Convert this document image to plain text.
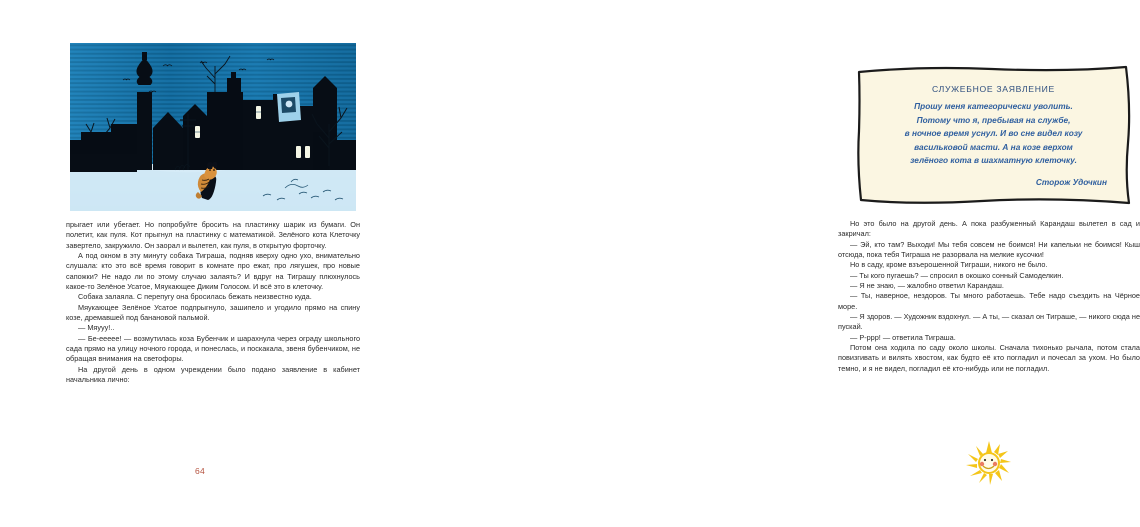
прыгает или убегает. Но попробуйте бросить на пластинку шарик из бумаги. Он полетит, как пуля. Кот прыгнул на пластинку с математикой. Зелёного кота Клеточку завертело, закружило. Он заорал и вылетел, как пуля, в открытую форточку.

А под окном в эту минуту собака Тиграша, подняв кверху одно ухо, внимательно слушала: кто это всё время говорит в комнате про ежат, про лягушек, про новые сапожки? Не надо ли по этому случаю залаять? И вдруг на Тиграшу плюхнулось какое-то Зелёное Усатое, Мяукающее Диким Голосом. И всё это в клеточку.

Собака залаяла. С перепугу она бросилась бежать неизвестно куда.

Мяукающее Зелёное Усатое подпрыгнуло, зашипело и угодило прямо на спину козе, дремавшей под банановой пальмой.

— Мяууу!..

— Бе-еееее! — возмутилась коза Бубенчик и шарахнула через ограду школьного сада прямо на улицу ночного города, и понеслась, и поскакала, звеня бубенчиком, не обращая внимания на светофоры.

На другой день в одном учреждении было подано заявление в кабинет начальника лично:

64
СЛУЖЕБНОЕ ЗАЯВЛЕНИЕ
Прошу меня категорически уволить.
Потому что я, пребывая на службе,
в ночное время уснул. И во сне видел козу
васильковой масти. А на козе верхом
зелёного кота в шахматную клеточку.
Сторож Удочкин

Но это было на другой день. А пока разбуженный Карандаш вылетел в сад и закричал:

— Эй, кто там? Выходи! Мы тебя совсем не боимся! Ни капельки не боимся! Кыш отсюда, пока тебя Тиграша не разорвала на мелкие кусочки!

Но в саду, кроме взъерошенной Тиграши, никого не было.

— Ты кого пугаешь? — спросил в окошко сонный Самоделкин.

— Я не знаю, — жалобно ответил Карандаш.

— Ты, наверное, нездоров. Ты много работаешь. Тебе надо съездить на Чёрное море.

— Я здоров. — Художник вздохнул. — А ты, — сказал он Тиграше, — никого сюда не пускай.

— Р-ррр! — ответила Тиграша.

Потом она ходила по саду около школы. Сначала тихонько рычала, потом стала повизгивать и вилять хвостом, как будто её кто погладил и почесал за ухом. Но было темно, и я не видел, погладил её кто-нибудь или не погладил.
